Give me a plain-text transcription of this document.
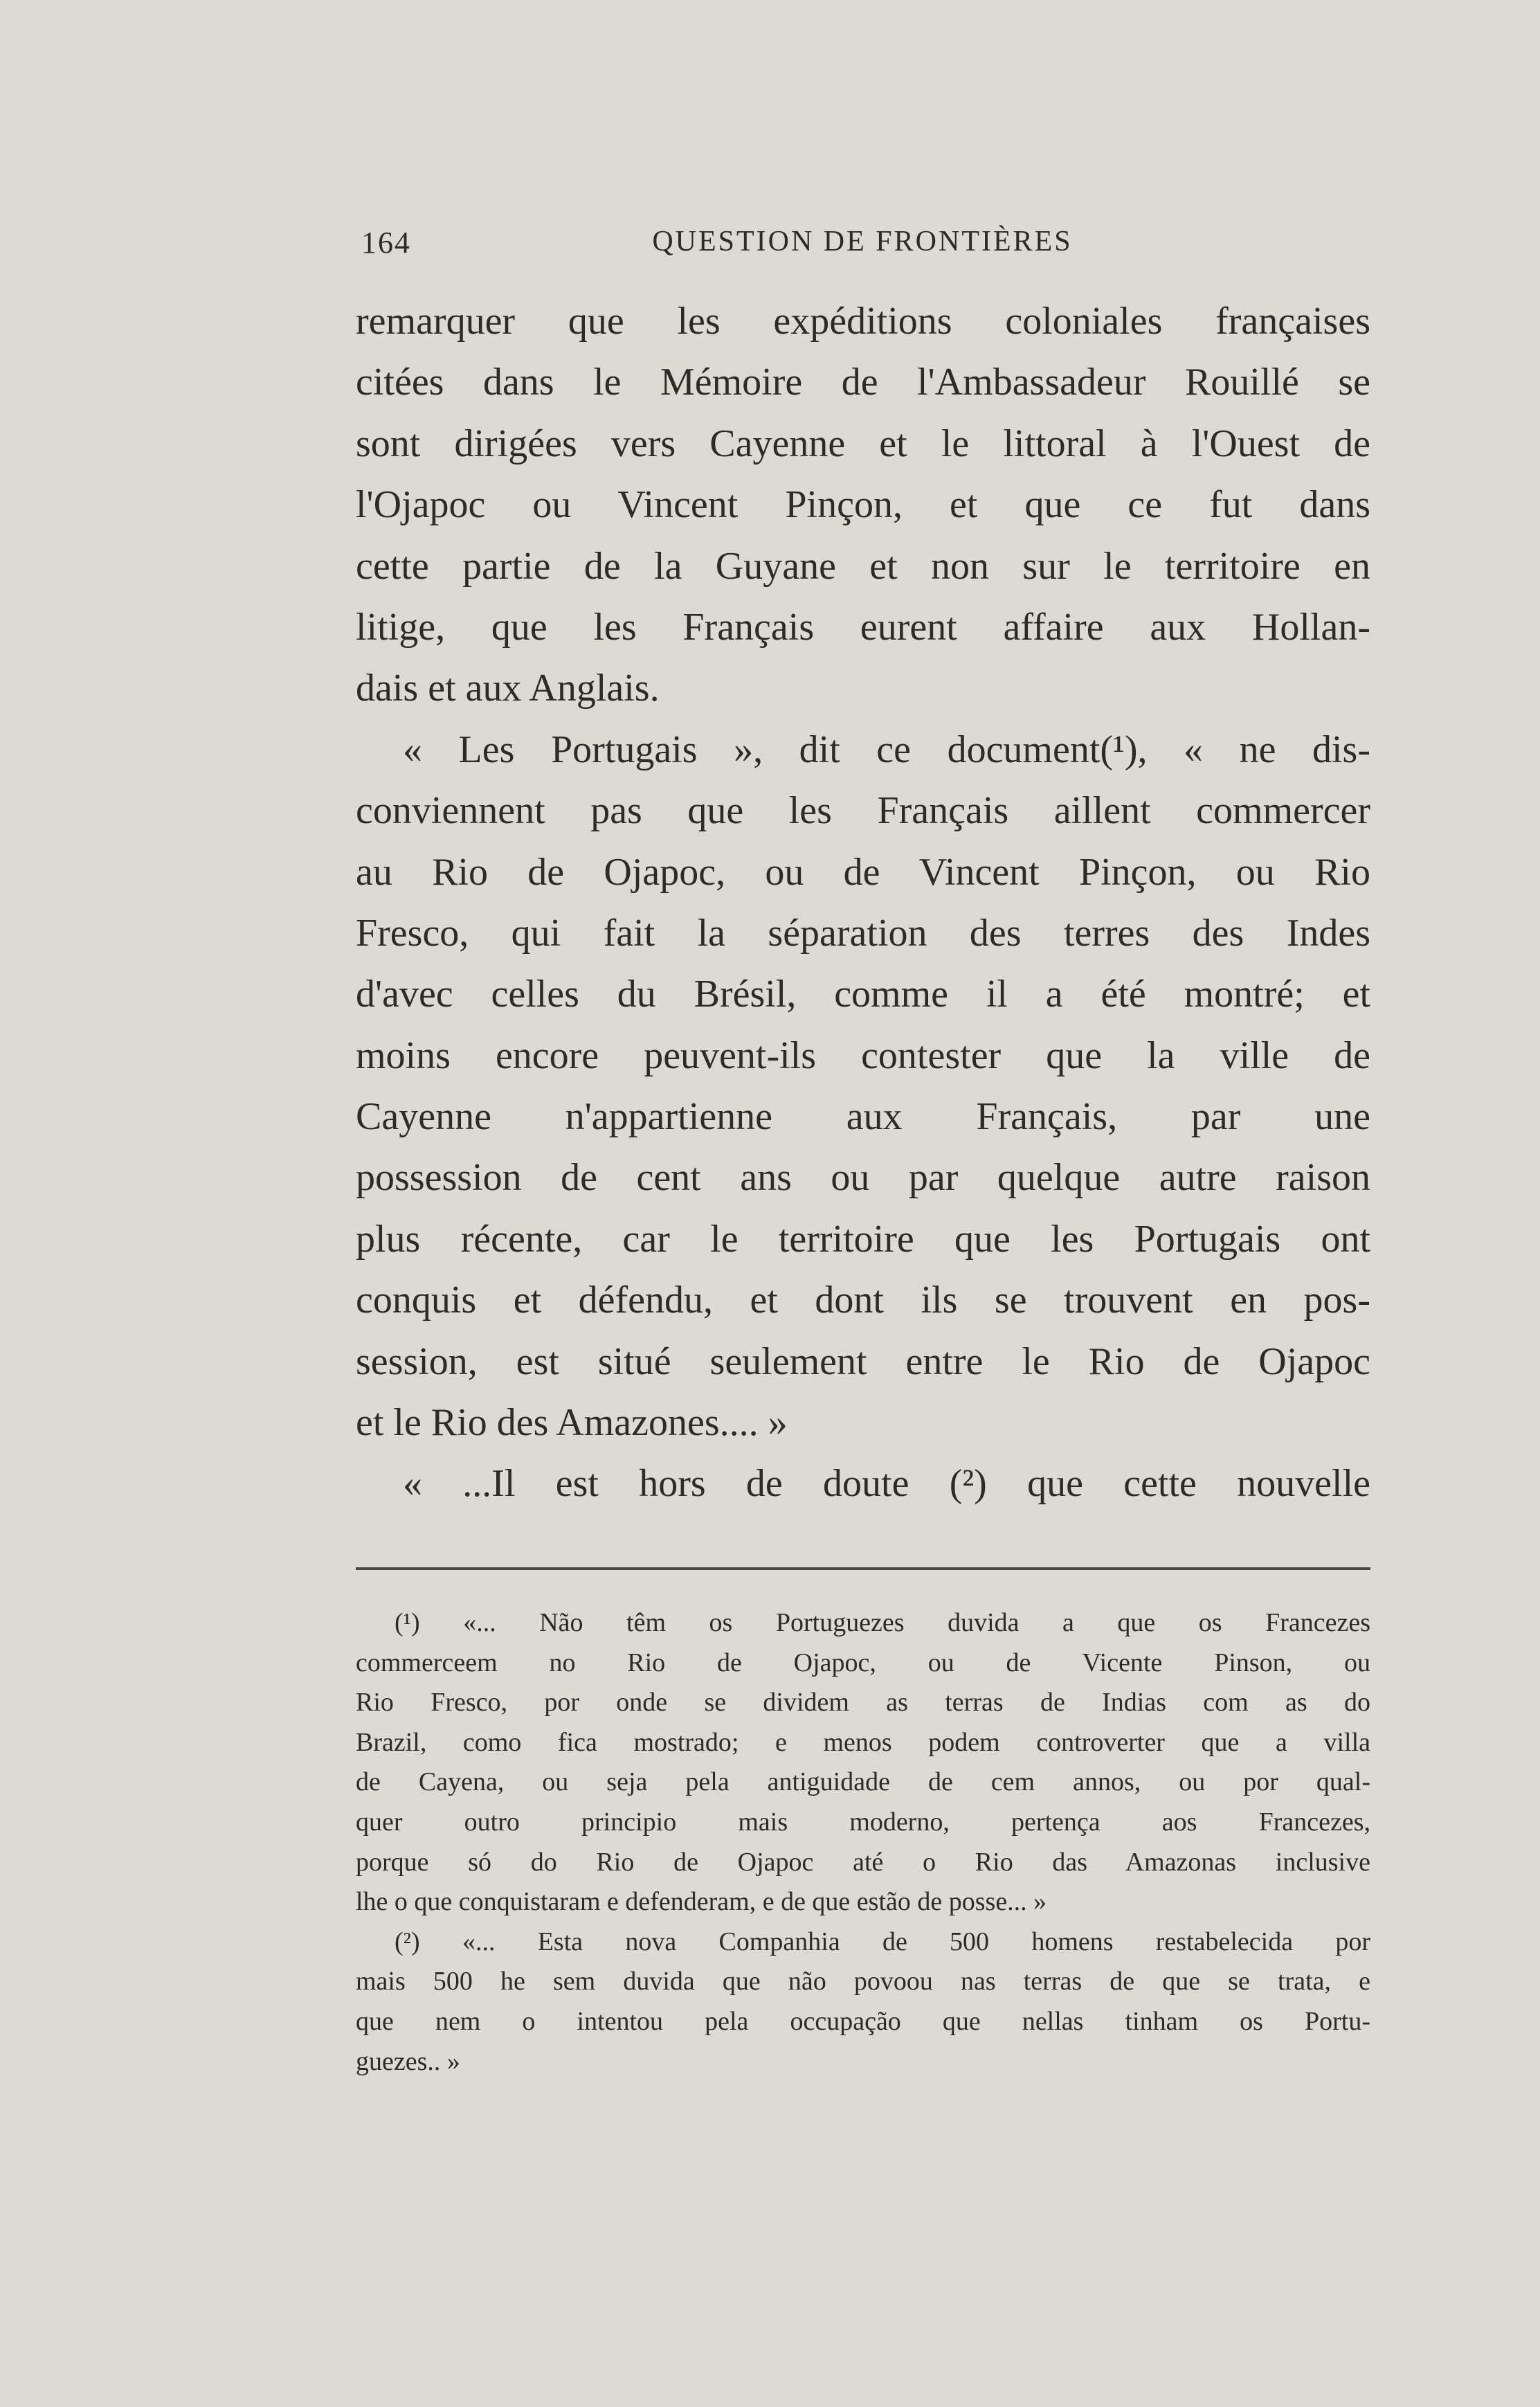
164	QUESTION DE FRONTIÈRES
remarquer que les expéditions coloniales françaises
citées dans le Mémoire de l'Ambassadeur Rouillé se
sont dirigées vers Cayenne et le littoral à l'Ouest de
l'Ojapoc ou Vincent Pinçon, et que ce fut dans
cette partie de la Guyane et non sur le territoire en
litige, que les Français eurent affaire aux Hollan-
dais et aux Anglais.
« Les Portugais », dit ce document(¹), « ne dis-
conviennent pas que les Français aillent commercer
au Rio de Ojapoc, ou de Vincent Pinçon, ou Rio
Fresco, qui fait la séparation des terres des Indes
d'avec celles du Brésil, comme il a été montré; et
moins encore peuvent-ils contester que la ville de
Cayenne n'appartienne aux Français, par une
possession de cent ans ou par quelque autre raison
plus récente, car le territoire que les Portugais ont
conquis et défendu, et dont ils se trouvent en pos-
session, est situé seulement entre le Rio de Ojapoc
et le Rio des Amazones.... »
« ...Il est hors de doute (²) que cette nouvelle
(¹) «... Não têm os Portuguezes duvida a que os Francezes
commerceem no Rio de Ojapoc, ou de Vicente Pinson, ou
Rio Fresco, por onde se dividem as terras de Indias com as do
Brazil, como fica mostrado; e menos podem controverter que a villa
de Cayena, ou seja pela antiguidade de cem annos, ou por qual-
quer outro principio mais moderno, pertença aos Francezes,
porque só do Rio de Ojapoc até o Rio das Amazonas inclusive
lhe o que conquistaram e defenderam, e de que estão de posse... »
(²) «... Esta nova Companhia de 500 homens restabelecida por
mais 500 he sem duvida que não povoou nas terras de que se trata, e
que nem o intentou pela occupação que nellas tinham os Portu-
guezes.. »
